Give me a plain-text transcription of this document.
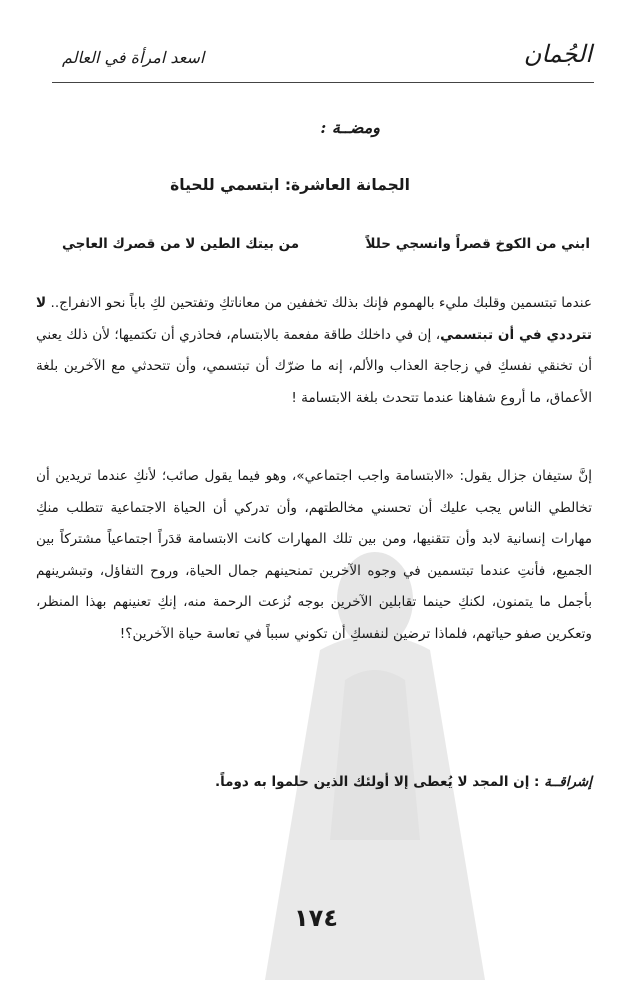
اسعد امرأة في العالم	الجُمان
ومضــة :
الجمانة العاشرة: ابتسمي للحياة
ابني من الكوخ قصراً وانسجي حللاً
من بيتك الطين لا من قصرك العاجي
عندما تبتسمين وقلبك مليء بالهموم فإنك بذلك تخففين من معاناتكِ وتفتحين لكِ باباً نحو الانفراج.. لا تترددي في أن تبتسمي، إن في داخلك طاقة مفعمة بالابتسام، فحاذري أن تكتميها؛ لأن ذلك يعني أن تخنقي نفسكِ في زجاجة العذاب والألم، إنه ما ضرّك أن تبتسمي، وأن تتحدثي مع الآخرين بلغة الأعماق، ما أروع شفاهنا عندما تتحدث بلغة الابتسامة !
إنَّ ستيفان جزال يقول: «الابتسامة واجب اجتماعي»، وهو فيما يقول صائب؛ لأنكِ عندما تريدين أن تخالطي الناس يجب عليك أن تحسني مخالطتهم، وأن تدركي أن الحياة الاجتماعية تتطلب منكِ مهارات إنسانية لابد وأن تتقنيها، ومن بين تلك المهارات كانت الابتسامة قدَراً اجتماعياً مشتركاً بين الجميع، فأنتِ عندما تبتسمين في وجوه الآخرين تمنحينهم جمال الحياة، وروح التفاؤل، وتبشرينهم بأجمل ما يتمنون، لكنكِ حينما تقابلين الآخرين بوجه نُزعت الرحمة منه، إنكِ تعنينهم بهذا المنظر، وتعكرين صفو حياتهم، فلماذا ترضين لنفسكِ أن تكوني سبباً في تعاسة حياة الآخرين؟!
إشراقــة : إن المجد لا يُعطى إلا أولئك الذين حلموا به دوماً.
١٧٤
